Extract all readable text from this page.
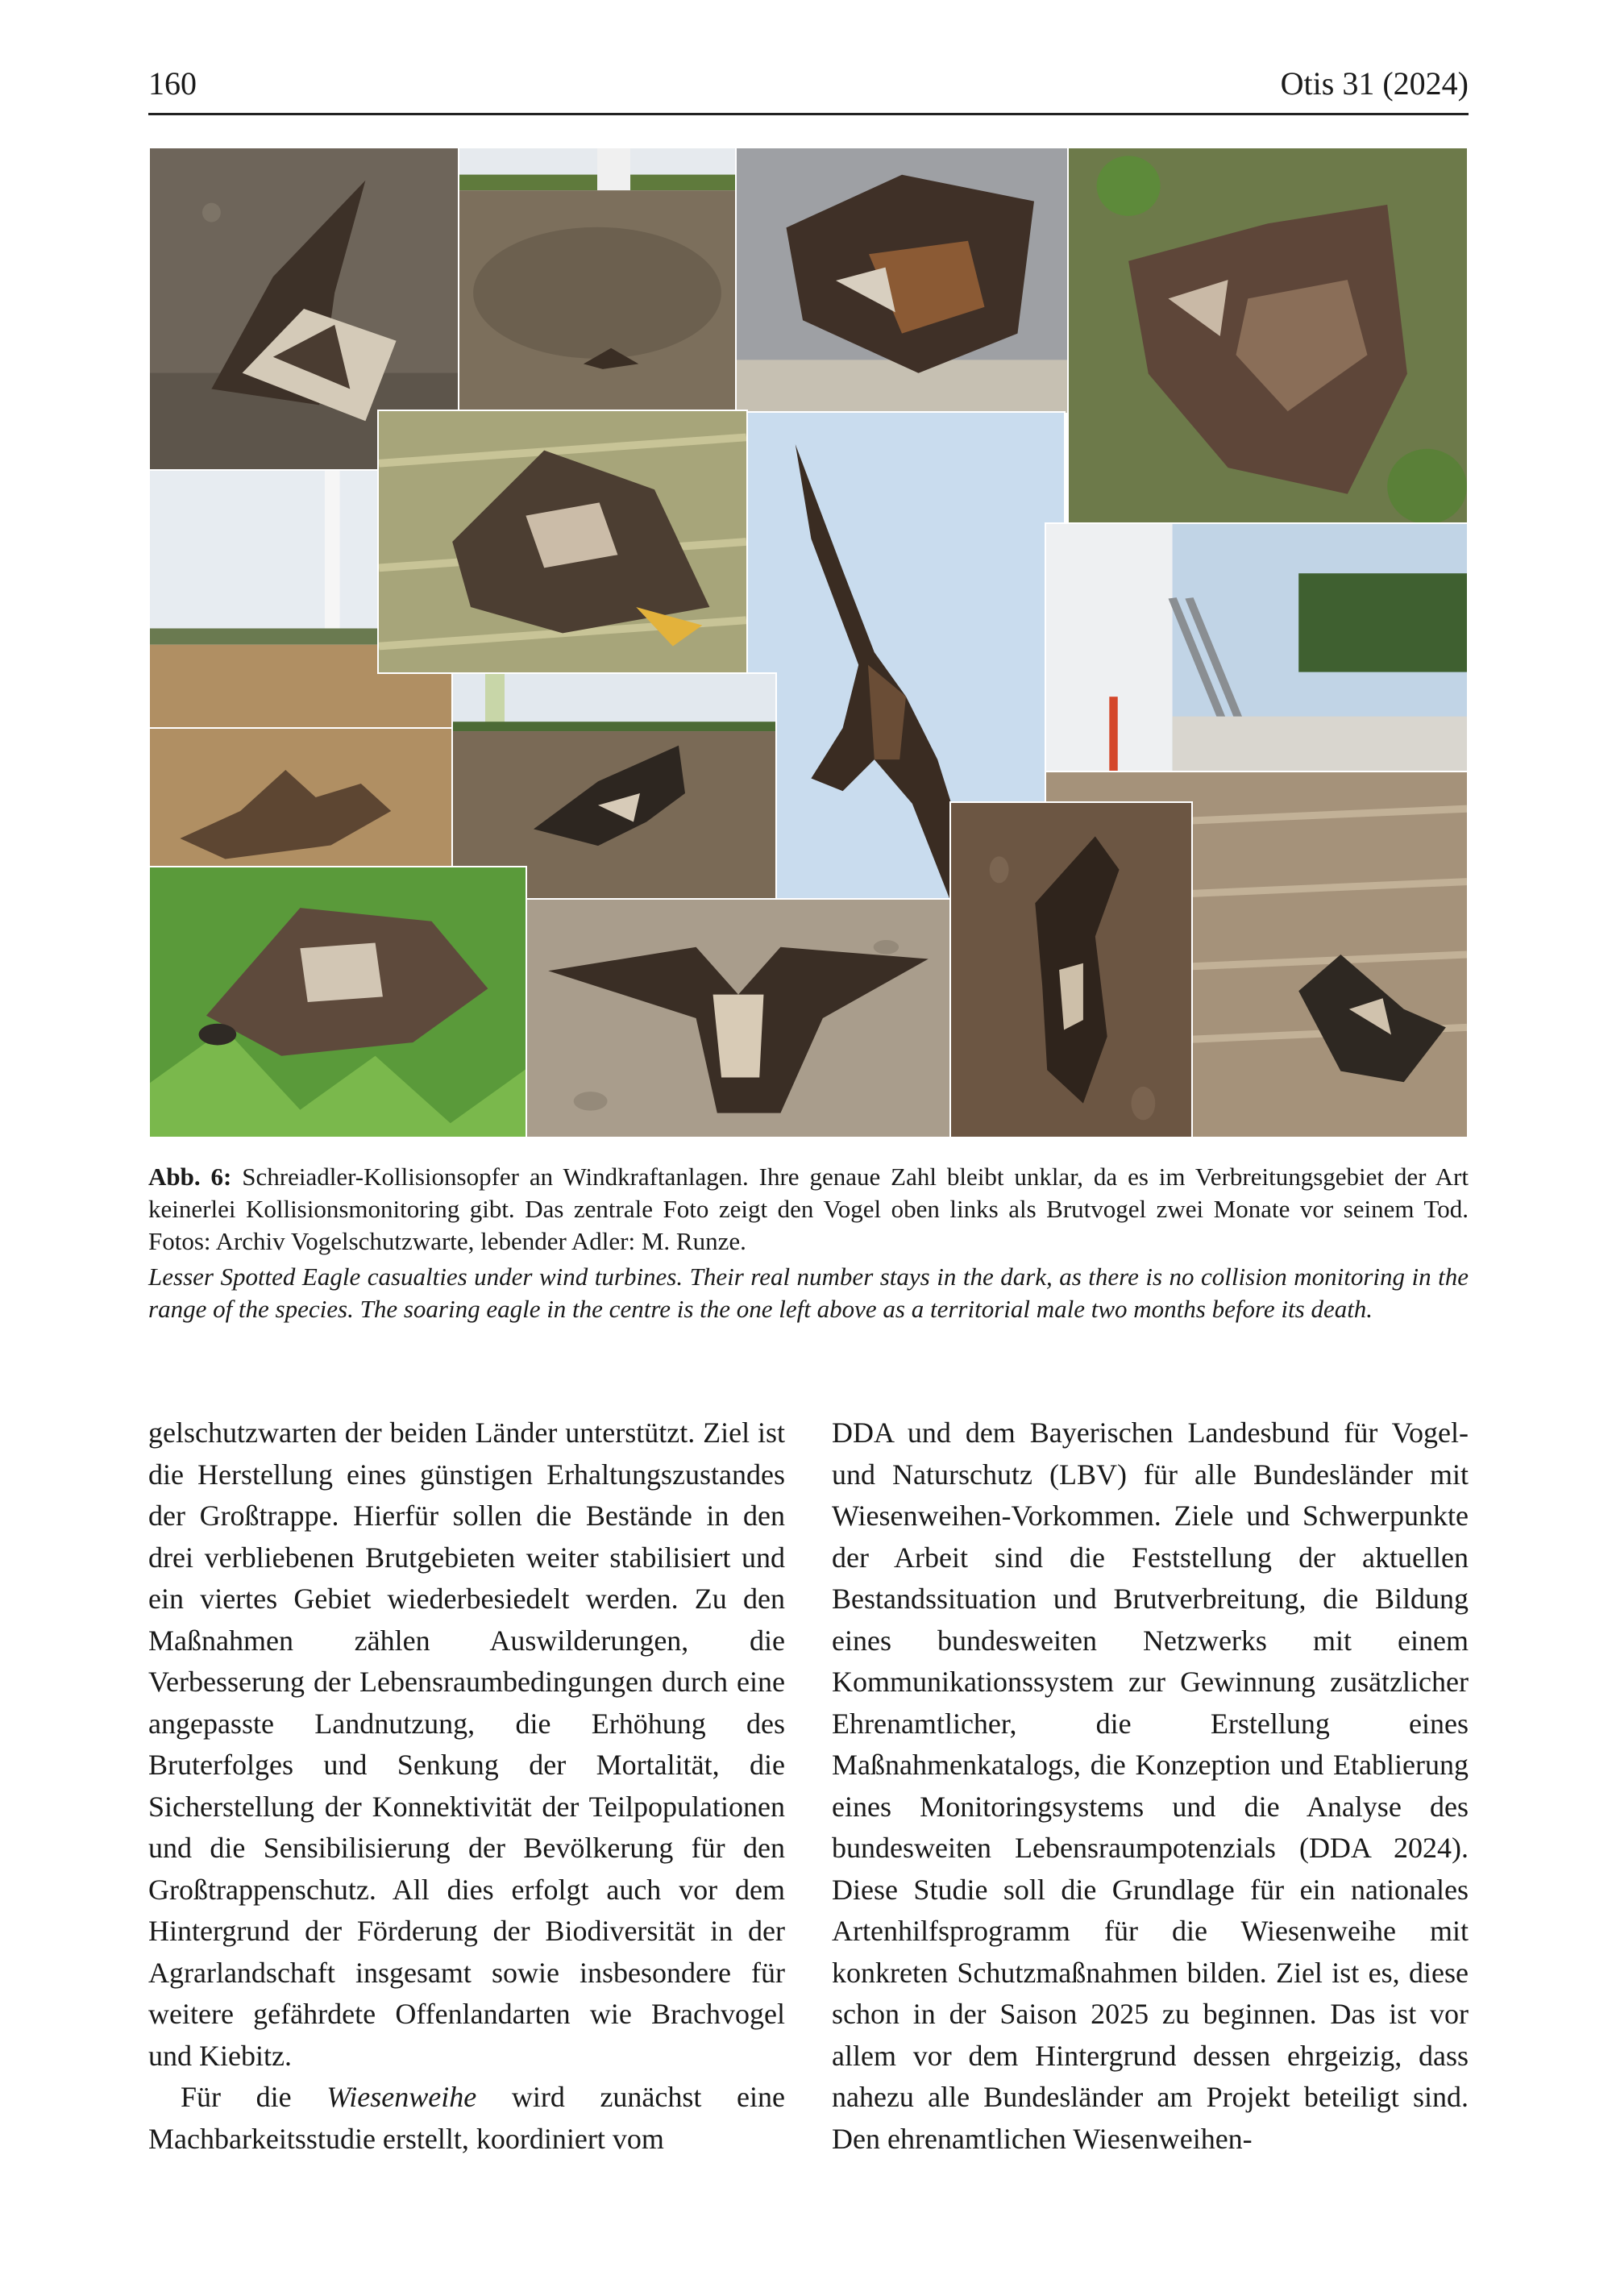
160	Otis 31 (2024)
Abb. 6: Schreiadler-Kollisionsopfer an Windkraftanlagen. Ihre genaue Zahl bleibt unklar, da es im Verbreitungsgebiet der Art keinerlei Kollisionsmonitoring gibt. Das zentrale Foto zeigt den Vogel oben links als Brutvogel zwei Monate vor seinem Tod. Fotos: Archiv Vogelschutzwarte, lebender Adler: M. Runze.
Lesser Spotted Eagle casualties under wind turbines. Their real number stays in the dark, as there is no collision monitoring in the range of the species. The soaring eagle in the centre is the one left above as a territorial male two months before its death.

gelschutzwarten der beiden Länder unterstützt. Ziel ist die Herstellung eines günstigen Erhaltungszustandes der Großtrappe. Hierfür sollen die Bestände in den drei verbliebenen Brutgebieten weiter stabilisiert und ein viertes Gebiet wiederbesiedelt werden. Zu den Maßnahmen zählen Auswilderungen, die Verbesserung der Lebensraumbedingungen durch eine angepasste Landnutzung, die Erhöhung des Bruterfolges und Senkung der Mortalität, die Sicherstellung der Konnektivität der Teilpopulationen und die Sensibilisierung der Bevölkerung für den Großtrappenschutz. All dies erfolgt auch vor dem Hintergrund der Förderung der Biodiversität in der Agrarlandschaft insgesamt sowie insbesondere für weitere gefährdete Offenlandarten wie Brachvogel und Kiebitz.

Für die Wiesenweihe wird zunächst eine Machbarkeitsstudie erstellt, koordiniert vom

DDA und dem Bayerischen Landesbund für Vogel- und Naturschutz (LBV) für alle Bundesländer mit Wiesenweihen-Vorkommen. Ziele und Schwerpunkte der Arbeit sind die Feststellung der aktuellen Bestandssituation und Brutverbreitung, die Bildung eines bundesweiten Netzwerks mit einem Kommunikationssystem zur Gewinnung zusätzlicher Ehrenamtlicher, die Erstellung eines Maßnahmenkatalogs, die Konzeption und Etablierung eines Monitoringsystems und die Analyse des bundesweiten Lebensraumpotenzials (DDA 2024). Diese Studie soll die Grundlage für ein nationales Artenhilfsprogramm für die Wiesenweihe mit konkreten Schutzmaßnahmen bilden. Ziel ist es, diese schon in der Saison 2025 zu beginnen. Das ist vor allem vor dem Hintergrund dessen ehrgeizig, dass nahezu alle Bundesländer am Projekt beteiligt sind. Den ehrenamtlichen Wiesenweihen-
